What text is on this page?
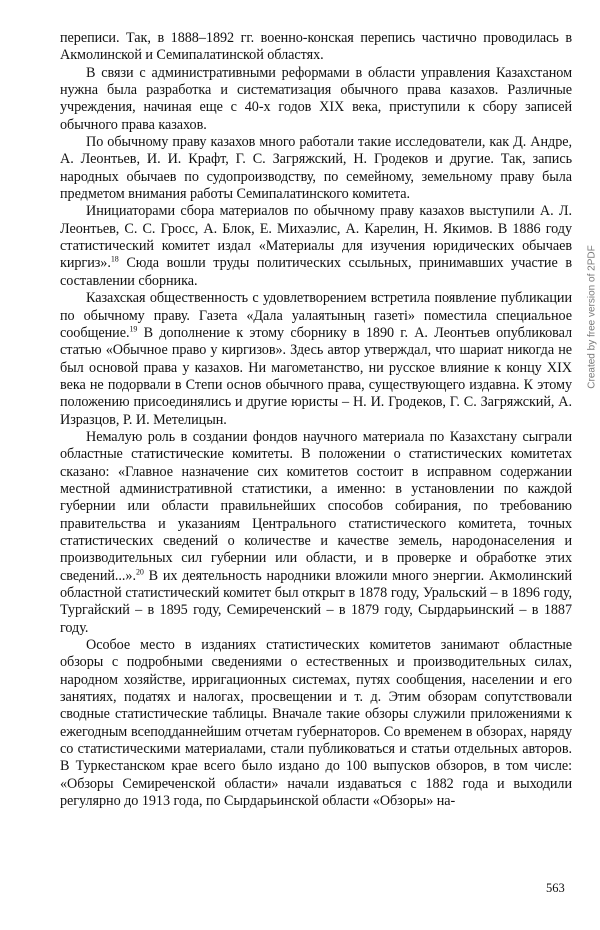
переписи. Так, в 1888–1892 гг. военно-конская перепись частично проводилась в Акмолинской и Семипалатинской областях.

В связи с административными реформами в области управления Казахстаном нужна была разработка и систематизация обычного права казахов. Различные учреждения, начиная еще с 40-х годов XIX века, приступили к сбору записей обычного права казахов.

По обычному праву казахов много работали такие исследователи, как Д. Андре, А. Леонтьев, И. И. Крафт, Г. С. Загряжский, Н. Гродеков и другие. Так, запись народных обычаев по судопроизводству, по семейному, земельному праву была предметом внимания работы Семипалатинского комитета.

Инициаторами сбора материалов по обычному праву казахов выступили А. Л. Леонтьев, С. С. Гросс, А. Блок, Е. Михаэлис, А. Карелин, Н. Якимов. В 1886 году статистический комитет издал «Материалы для изучения юридических обычаев киргиз».$^{18}$ Сюда вошли труды политических ссыльных, принимавших участие в составлении сборника.

Казахская общественность с удовлетворением встретила появление публикации по обычному праву. Газета «Дала уалаятының газеті» поместила специальное сообщение.$^{19}$ В дополнение к этому сборнику в 1890 г. А. Леонтьев опубликовал статью «Обычное право у киргизов». Здесь автор утверждал, что шариат никогда не был основой права у казахов. Ни магометанство, ни русское влияние к концу XIX века не подорвали в Степи основ обычного права, существующего издавна. К этому положению присоединялись и другие юристы – Н. И. Гродеков, Г. С. Загряжский, А. Изразцов, Р. И. Метелицын.

Немалую роль в создании фондов научного материала по Казахстану сыграли областные статистические комитеты. В положении о статистических комитетах сказано: «Главное назначение сих комитетов состоит в исправном содержании местной административной статистики, а именно: в установлении по каждой губернии или области правильнейших способов собирания, по требованию правительства и указаниям Центрального статистического комитета, точных статистических сведений о количестве и качестве земель, народонаселения и производительных сил губернии или области, и в проверке и обработке этих сведений...».$^{20}$ В их деятельность народники вложили много энергии. Акмолинский областной статистический комитет был открыт в 1878 году, Уральский – в 1896 году, Тургайский – в 1895 году, Семиреченский – в 1879 году, Сырдарьинский – в 1887 году.

Особое место в изданиях статистических комитетов занимают областные обзоры с подробными сведениями о естественных и производительных силах, народном хозяйстве, ирригационных системах, путях сообщения, населении и его занятиях, податях и налогах, просвещении и т. д. Этим обзорам сопутствовали сводные статистические таблицы. Вначале такие обзоры служили приложениями к ежегодным всеподданнейшим отчетам губернаторов. Со временем в обзорах, наряду со статистическими материалами, стали публиковаться и статьи отдельных авторов. В Туркестанском крае всего было издано до 100 выпусков обзоров, в том числе: «Обзоры Семиреченской области» начали издаваться с 1882 года и выходили регулярно до 1913 года, по Сырдарьинской области «Обзоры» на-

563
Created by free version of 2PDF
